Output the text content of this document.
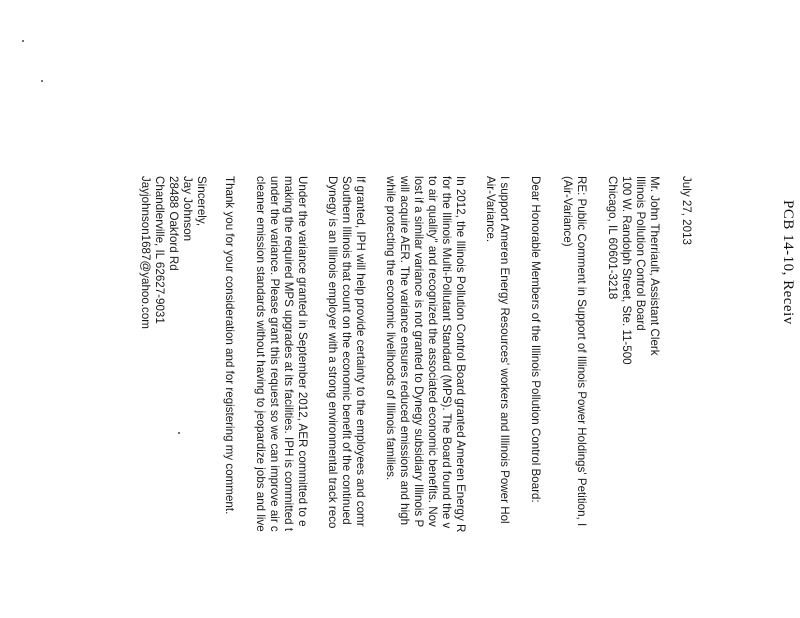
PCB 14-10, Receiv
July 27, 2013
Mr. John Therriault, Assistant Clerk
Illinois Pollution Control Board
100 W. Randolph Street, Ste. 11-500
Chicago, IL 60601-3218
RE: Public Comment in Support of Illinois Power Holdings' Petition, I
(Air-Variance)
Dear Honorable Members of the Illinois Pollution Control Board:
I support Ameren Energy Resources' workers and Illinois Power Hol
Air-Variance.
In 2012, the Illinois Pollution Control Board granted Ameren Energy R
for the Illinois Multi-Pollutant Standard (MPS). The Board found the v
to air quality" and recognized the associated economic benefits. Nov
lost if a similar variance is not granted to Dynegy subsidiary Illinois P
will acquire AER. The variance ensures reduced emissions and high
while protecting the economic livelihoods of Illinois families.
If granted, IPH will help provide certainty to the employees and comr
Southern Illinois that count on the economic benefit of the continued
Dynegy is an Illinois employer with a strong environmental track reco
Under the variance granted in September 2012, AER committed to e
making the required MPS upgrades at its facilities. IPH is committed t
under the variance. Please grant this request so we can improve air c
cleaner emission standards without having to jeopardize jobs and live
Thank you for your consideration and for registering my comment.
Sincerely,
Jay Johnson
28488 Oakford Rd
Chandlerville, IL 62627-9031
Jayjohnson1687@yahoo.com
